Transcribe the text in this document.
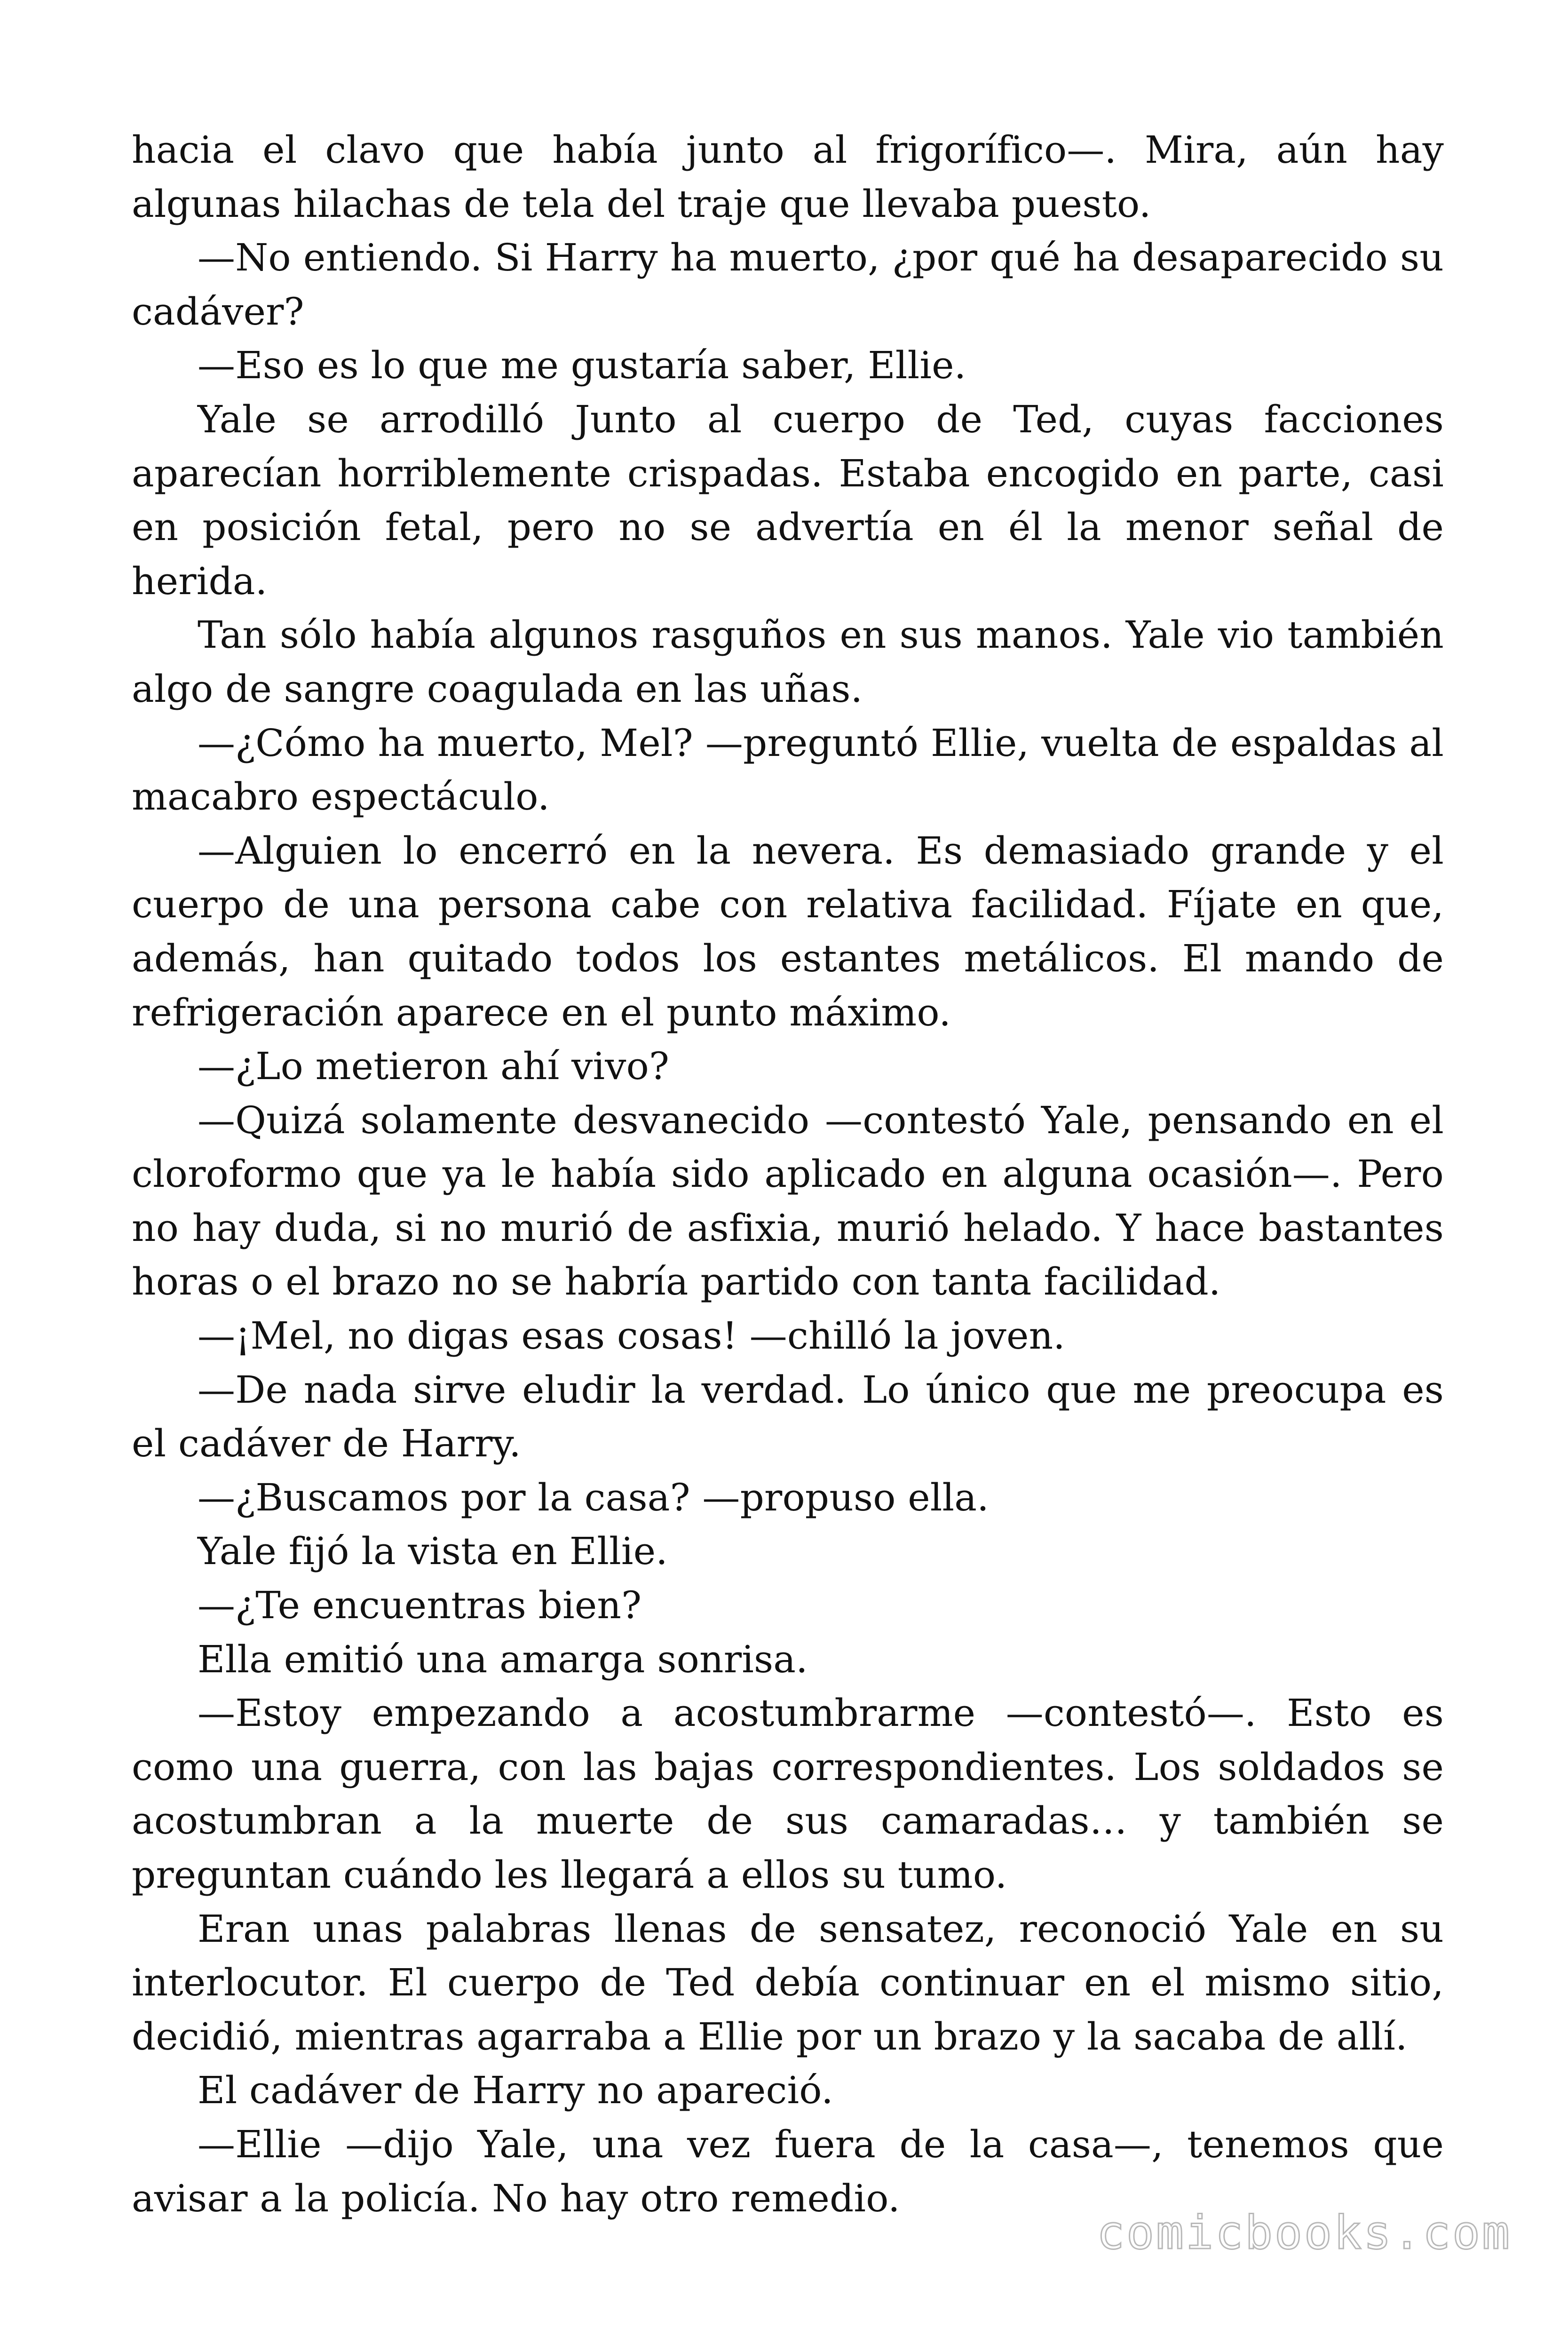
hacia el clavo que había junto al frigorífico—. Mira, aún hay algunas hilachas de tela del traje que llevaba puesto.

—No entiendo. Si Harry ha muerto, ¿por qué ha desaparecido su cadáver?

—Eso es lo que me gustaría saber, Ellie.

Yale se arrodilló Junto al cuerpo de Ted, cuyas facciones aparecían horriblemente crispadas. Estaba encogido en parte, casi en posición fetal, pero no se advertía en él la menor señal de herida.

Tan sólo había algunos rasguños en sus manos. Yale vio también algo de sangre coagulada en las uñas.

—¿Cómo ha muerto, Mel? —preguntó Ellie, vuelta de espaldas al macabro espectáculo.

—Alguien lo encerró en la nevera. Es demasiado grande y el cuerpo de una persona cabe con relativa facilidad. Fíjate en que, además, han quitado todos los estantes metálicos. El mando de refrigeración aparece en el punto máximo.

—¿Lo metieron ahí vivo?

—Quizá solamente desvanecido —contestó Yale, pensando en el cloroformo que ya le había sido aplicado en alguna ocasión—. Pero no hay duda, si no murió de asfixia, murió helado. Y hace bastantes horas o el brazo no se habría partido con tanta facilidad.

—¡Mel, no digas esas cosas! —chilló la joven.

—De nada sirve eludir la verdad. Lo único que me preocupa es el cadáver de Harry.

—¿Buscamos por la casa? —propuso ella.

Yale fijó la vista en Ellie.

—¿Te encuentras bien?

Ella emitió una amarga sonrisa.

—Estoy empezando a acostumbrarme —contestó—. Esto es como una guerra, con las bajas correspondientes. Los soldados se acostumbran a la muerte de sus camaradas… y también se preguntan cuándo les llegará a ellos su tumo.

Eran unas palabras llenas de sensatez, reconoció Yale en su interlocutor. El cuerpo de Ted debía continuar en el mismo sitio, decidió, mientras agarraba a Ellie por un brazo y la sacaba de allí.

El cadáver de Harry no apareció.

—Ellie —dijo Yale, una vez fuera de la casa—, tenemos que avisar a la policía. No hay otro remedio.

comicbooks.com
